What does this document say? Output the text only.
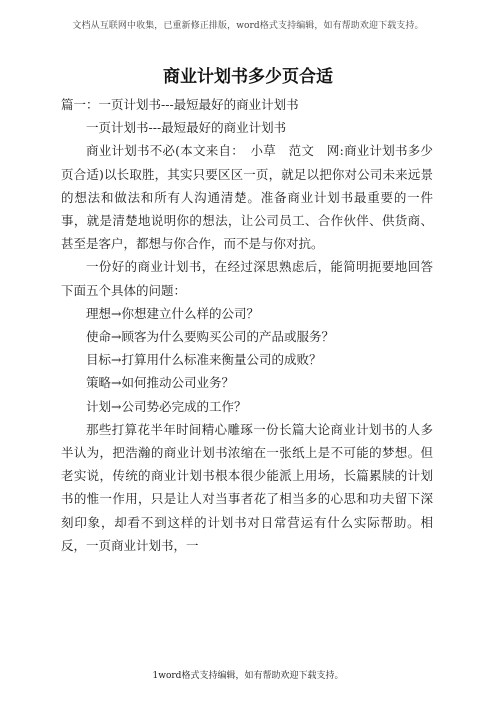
文档从互联网中收集，已重新修正排版，word格式支持编辑，如有帮助欢迎下载支持。
商业计划书多少页合适

篇一：一页计划书---最短最好的商业计划书

一页计划书---最短最好的商业计划书

商业计划书不必(本文来自：　小草　范文　网:商业计划书多少页合适)以长取胜，其实只要区区一页，就足以把你对公司未来远景的想法和做法和所有人沟通清楚。准备商业计划书最重要的一件事，就是清楚地说明你的想法，让公司员工、合作伙伴、供货商、甚至是客户，都想与你合作，而不是与你对抗。

一份好的商业计划书，在经过深思熟虑后，能简明扼要地回答下面五个具体的问题：

理想→你想建立什么样的公司？

使命→顾客为什么要购买公司的产品或服务？

目标→打算用什么标准来衡量公司的成败？

策略→如何推动公司业务？

计划→公司势必完成的工作？

那些打算花半年时间精心雕琢一份长篇大论商业计划书的人多半认为，把浩瀚的商业计划书浓缩在一张纸上是不可能的梦想。但老实说，传统的商业计划书根本很少能派上用场，长篇累牍的计划书的惟一作用，只是让人对当事者花了相当多的心思和功夫留下深刻印象，却看不到这样的计划书对日常营运有什么实际帮助。相反，一页商业计划书，一

1word格式支持编辑，如有帮助欢迎下载支持。
